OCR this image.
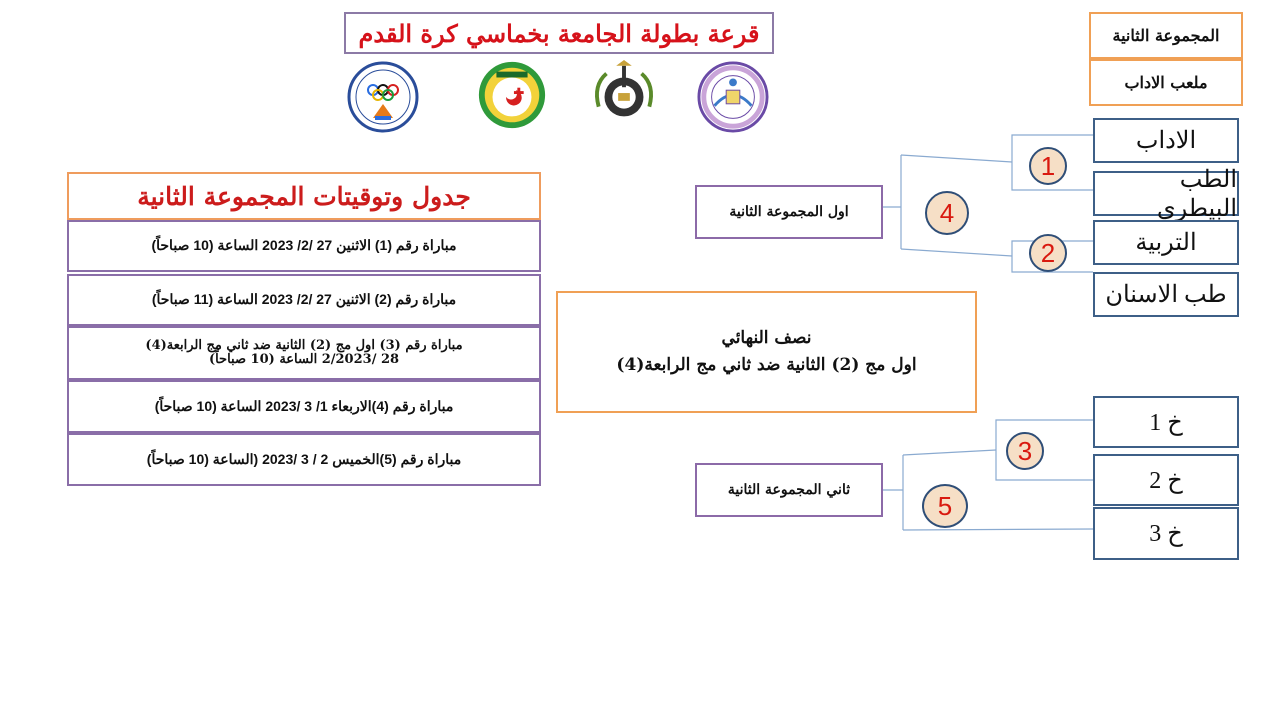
قرعة بطولة الجامعة بخماسي كرة القدم	المجموعة الثانية
ملعب الاداب
جدول وتوقيتات المجموعة الثانية
مباراة رقم (1) الاثنين 27 /2/ 2023 الساعة (10 صباحاً)
مباراة رقم (2) الاثنين 27 /2/ 2023 الساعة (11 صباحاً)
مباراة رقم (3) اول مج (2) الثانية ضد ثاني مج الرابعة(4)
28 /2/2023 الساعة (10 صباحاً)
مباراة رقم (4)الاربعاء 1/ 3 /2023 الساعة (10 صباحاً)
مباراة رقم (5)الخميس 2 / 3 /2023 (الساعة (10 صباحاً)
نصف النهائي
اول مج (2) الثانية ضد ثاني مج الرابعة(4)
الاداب
الطب البيطري
التربية
طب الاسنان
خ 1
خ 2
خ 3
اول المجموعة الثانية
ثاني المجموعة الثانية
1
2
3
4
5
